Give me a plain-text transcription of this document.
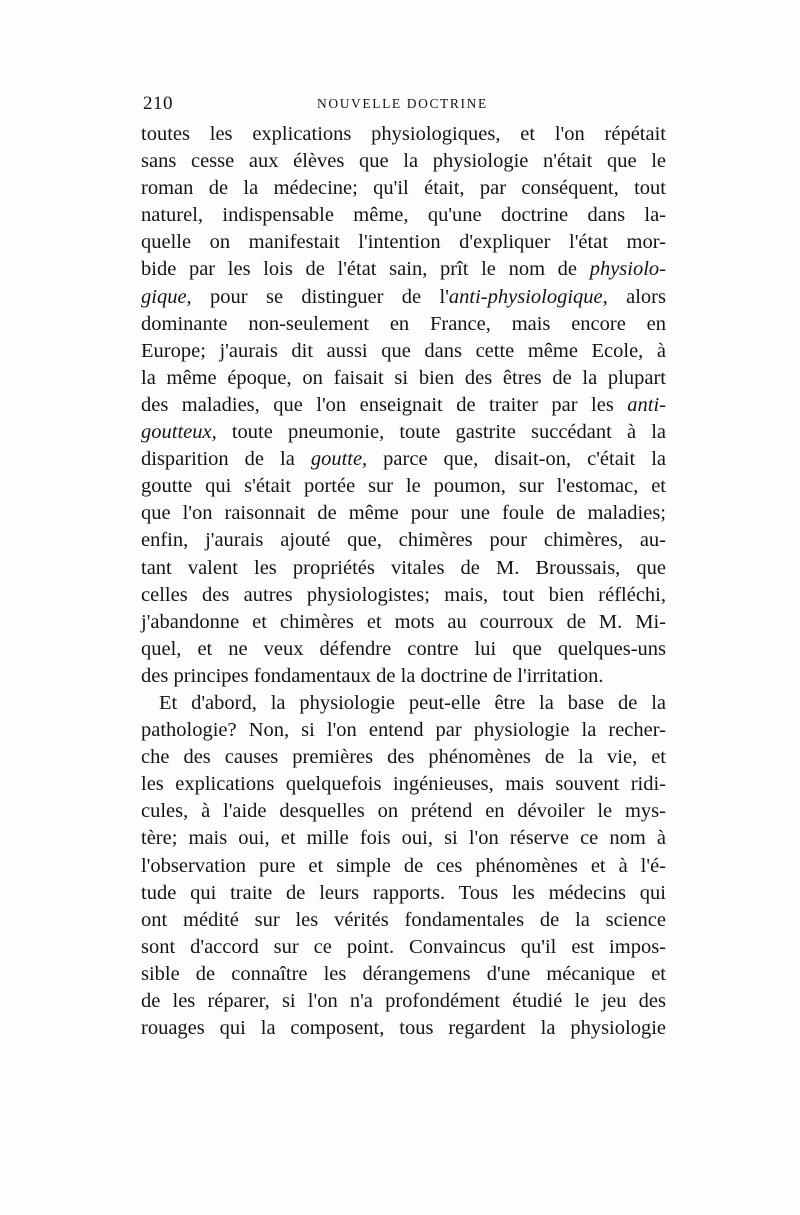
210	NOUVELLE DOCTRINE
toutes les explications physiologiques, et l'on répétait
sans cesse aux élèves que la physiologie n'était que le
roman de la médecine; qu'il était, par conséquent, tout
naturel, indispensable même, qu'une doctrine dans la-
quelle on manifestait l'intention d'expliquer l'état mor-
bide par les lois de l'état sain, prît le nom de physiolo-
gique, pour se distinguer de l'anti-physiologique, alors
dominante non-seulement en France, mais encore en
Europe; j'aurais dit aussi que dans cette même Ecole, à
la même époque, on faisait si bien des êtres de la plupart
des maladies, que l'on enseignait de traiter par les anti-
goutteux, toute pneumonie, toute gastrite succédant à la
disparition de la goutte, parce que, disait-on, c'était la
goutte qui s'était portée sur le poumon, sur l'estomac, et
que l'on raisonnait de même pour une foule de maladies;
enfin, j'aurais ajouté que, chimères pour chimères, au-
tant valent les propriétés vitales de M. Broussais, que
celles des autres physiologistes; mais, tout bien réfléchi,
j'abandonne et chimères et mots au courroux de M. Mi-
quel, et ne veux défendre contre lui que quelques-uns
des principes fondamentaux de la doctrine de l'irritation.
Et d'abord, la physiologie peut-elle être la base de la
pathologie? Non, si l'on entend par physiologie la recher-
che des causes premières des phénomènes de la vie, et
les explications quelquefois ingénieuses, mais souvent ridi-
cules, à l'aide desquelles on prétend en dévoiler le mys-
tère; mais oui, et mille fois oui, si l'on réserve ce nom à
l'observation pure et simple de ces phénomènes et à l'é-
tude qui traite de leurs rapports. Tous les médecins qui
ont médité sur les vérités fondamentales de la science
sont d'accord sur ce point. Convaincus qu'il est impos-
sible de connaître les dérangemens d'une mécanique et
de les réparer, si l'on n'a profondément étudié le jeu des
rouages qui la composent, tous regardent la physiologie
